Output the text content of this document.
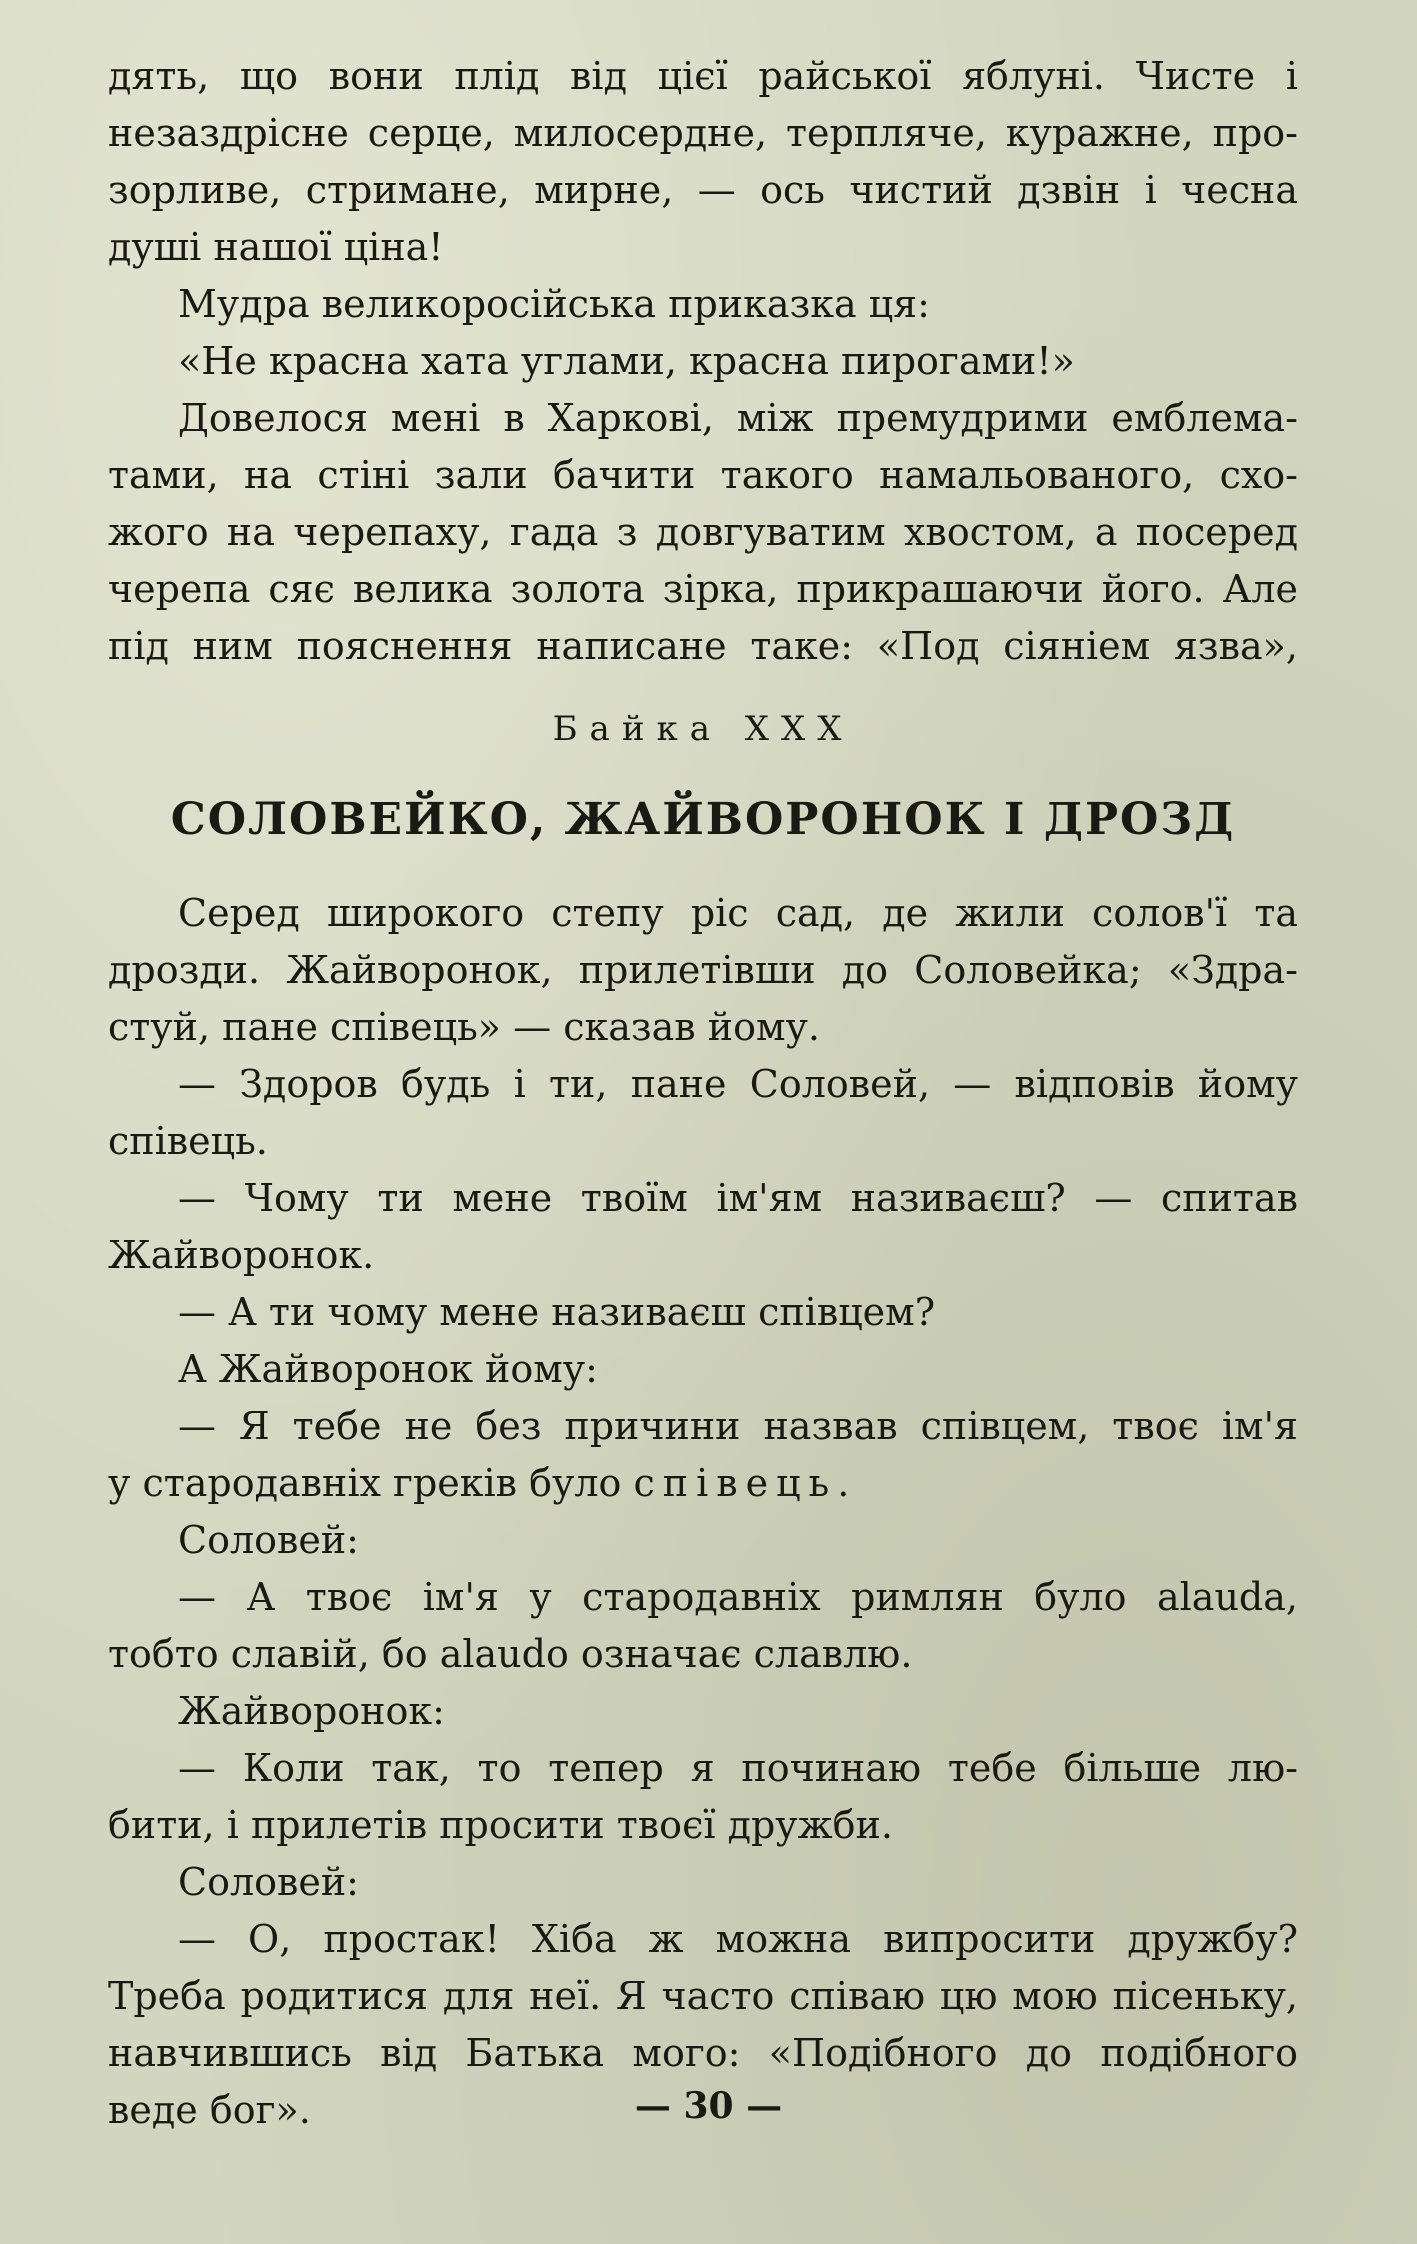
дять, що вони плід від цієї райської яблуні. Чисте і
незаздрісне серце, милосердне, терпляче, куражне, про-
зорливе, стримане, мирне, — ось чистий дзвін і чесна
душі нашої ціна!
Мудра великоросійська приказка ця:
«Не красна хата углами, красна пирогами!»
Довелося мені в Харкові, між премудрими емблема-
тами, на стіні зали бачити такого намальованого, схо-
жого на черепаху, гада з довгуватим хвостом, а посеред
черепа сяє велика золота зірка, прикрашаючи його. Але
під ним пояснення написане таке: «Под сіяніем язва»,
Байка XXX
СОЛОВЕЙКО, ЖАЙВОРОНОК І ДРОЗД
Серед широкого степу ріс сад, де жили солов'ї та
дрозди. Жайворонок, прилетівши до Соловейка; «Здра-
стуй, пане співець» — сказав йому.
— Здоров будь і ти, пане Соловей, — відповів йому
співець.
— Чому ти мене твоїм ім'ям називаєш? — спитав
Жайворонок.
— А ти чому мене називаєш співцем?
А Жайворонок йому:
— Я тебе не без причини назвав співцем, твоє ім'я
у стародавніх греків було співець.
Соловей:
— А твоє ім'я у стародавніх римлян було alauda,
тобто славій, бо alaudo означає славлю.
Жайворонок:
— Коли так, то тепер я починаю тебе більше лю-
бити, і прилетів просити твоєї дружби.
Соловей:
— О, простак! Хіба ж можна випросити дружбу?
Треба родитися для неї. Я часто співаю цю мою пісеньку,
навчившись від Батька мого: «Подібного до подібного
веде бог».	— 30 —
